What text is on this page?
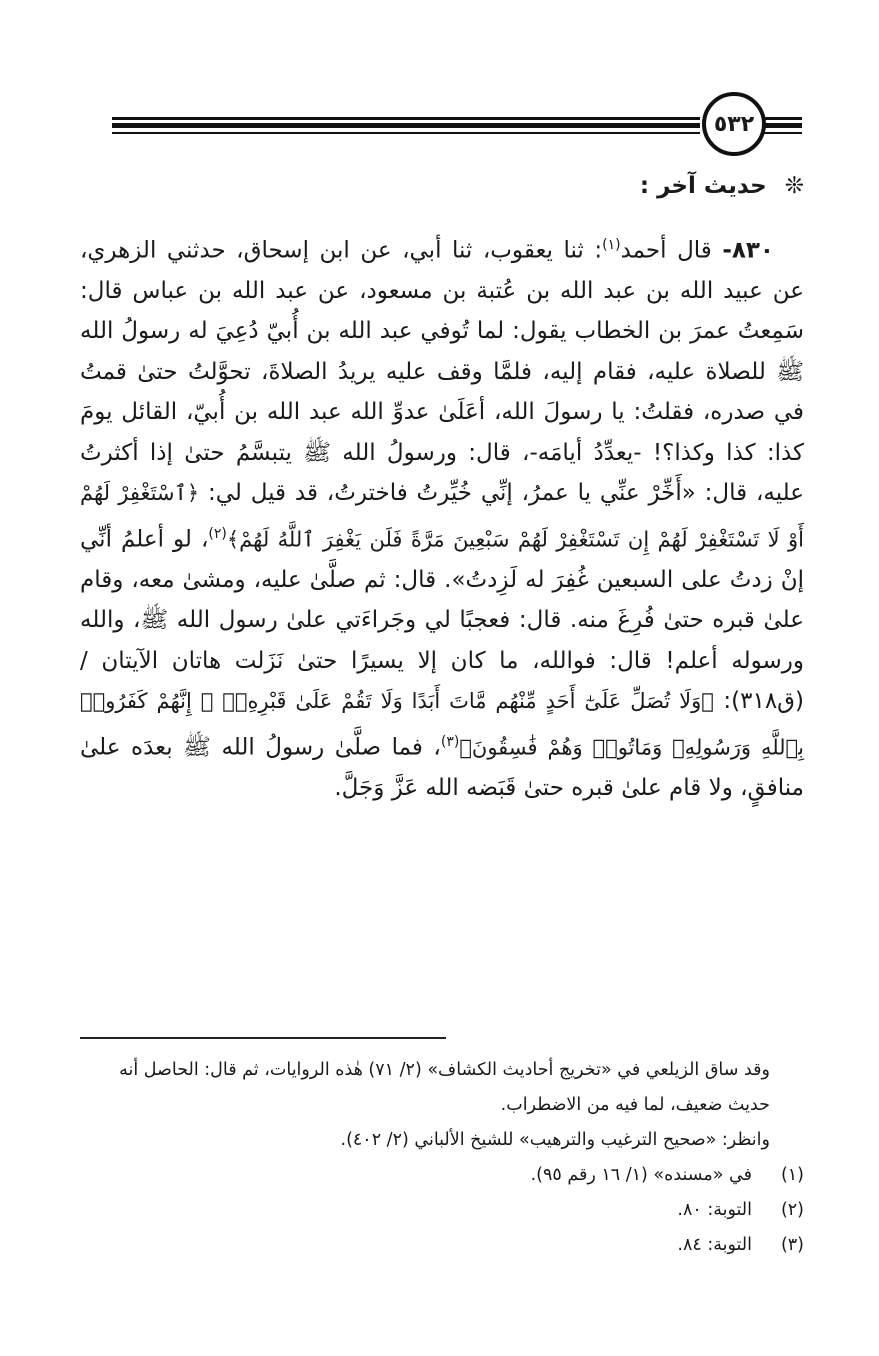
٥٣٢
❊حديث آخر :

٨٣٠- قال أحمد$^{(١)}$: ثنا يعقوب، ثنا أبي، عن ابن إسحاق، حدثني الزهري، عن عبيد الله بن عبد الله بن عُتبة بن مسعود، عن عبد الله بن عباس قال: سَمِعتُ عمرَ بن الخطاب يقول: لما تُوفي عبد الله بن أُبيّ دُعِيَ له رسولُ الله ﷺ للصلاة عليه، فقام إليه، فلمَّا وقف عليه يريدُ الصلاةَ، تحوَّلتُ حتىٰ قمتُ في صدره، فقلتُ: يا رسولَ الله، أعَلَىٰ عدوِّ الله عبد الله بن أُبيّ، القائل يومَ كذا: كذا وكذا؟! -يعدِّدُ أيامَه-، قال: ورسولُ الله ﷺ يتبسَّمُ حتىٰ إذا أكثرتُ عليه، قال: «أَخِّرْ عنِّي يا عمرُ، إنِّي خُيِّرتُ فاخترتُ، قد قيل لي: ﴿ٱسْتَغْفِرْ لَهُمْ أَوْ لَا تَسْتَغْفِرْ لَهُمْ إِن تَسْتَغْفِرْ لَهُمْ سَبْعِينَ مَرَّةً فَلَن يَغْفِرَ ٱللَّهُ لَهُمْ﴾$^{(٢)}$، لو أعلمُ أنِّي إنْ زدتُ على السبعين غُفِرَ له لَزِدتُ». قال: ثم صلَّىٰ عليه، ومشىٰ معه، وقام علىٰ قبره حتىٰ فُرِغَ منه. قال: فعجبًا لي وجَراءَتي علىٰ رسول الله ﷺ، والله ورسوله أعلم! قال: فوالله، ما كان إلا يسيرًا حتىٰ نَزَلت هاتان الآيتان / (ق٣١٨): ﴿وَلَا تُصَلِّ عَلَىٰٓ أَحَدٍ مِّنْهُم مَّاتَ أَبَدًا وَلَا تَقُمْ عَلَىٰ قَبْرِهِۦٓ ۖ إِنَّهُمْ كَفَرُوا۟ بِٱللَّهِ وَرَسُولِهِۦ وَمَاتُوا۟ وَهُمْ فَٰسِقُونَ﴾$^{(٣)}$، فما صلَّىٰ رسولُ الله ﷺ بعدَه علىٰ منافقٍ، ولا قام علىٰ قبره حتىٰ قَبَضه الله عَزَّ وَجَلَّ.

وقد ساق الزيلعي في «تخريج أحاديث الكشاف» (٢/ ٧١) هٰذه الروايات، ثم قال: الحاصل أنه حديث ضعيف، لما فيه من الاضطراب.

وانظر: «صحيح الترغيب والترهيب» للشيخ الألباني (٢/ ٤٠٢).

(١)
في «مسنده» (١/ ١٦ رقم ٩٥).
(٢)
التوبة: ٨٠.
(٣)
التوبة: ٨٤.
